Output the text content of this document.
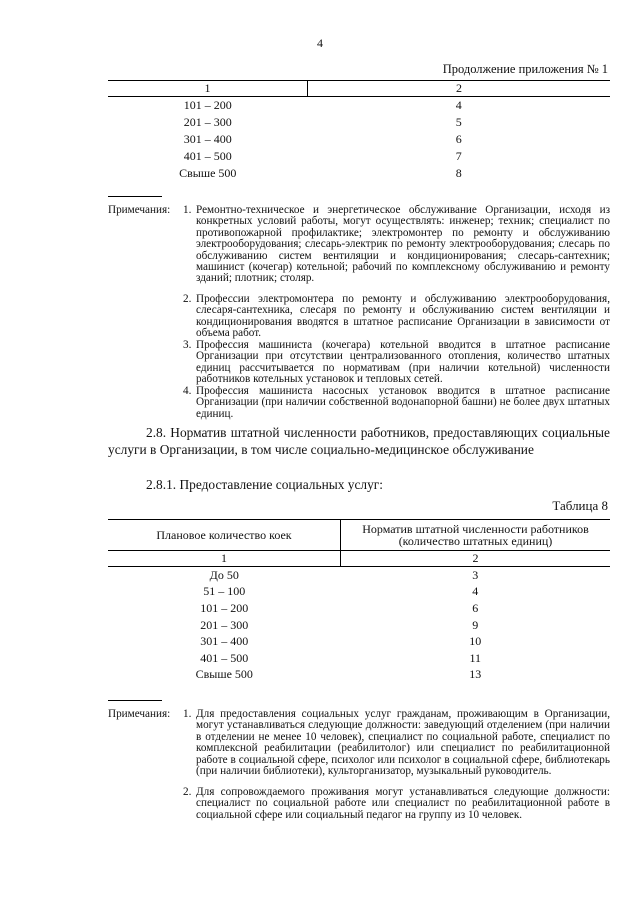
4
Продолжение приложения № 1
1	2
101 – 200	4
201 – 300	5
301 – 400	6
401 – 500	7
Свыше 500	8
Примечания: 1. Ремонтно-техническое и энергетическое обслуживание Организации, исходя из конкретных условий работы, могут осуществлять: инженер; техник; специалист по противопожарной профилактике; электромонтер по ремонту и обслуживанию электрооборудования; слесарь-электрик по ремонту электрооборудования; слесарь по обслуживанию систем вентиляции и кондиционирования; слесарь-сантехник; машинист (кочегар) котельной; рабочий по комплексному обслуживанию и ремонту зданий; плотник; столяр.
2. Профессии электромонтера по ремонту и обслуживанию электрооборудования, слесаря-сантехника, слесаря по ремонту и обслуживанию систем вентиляции и кондиционирования вводятся в штатное расписание Организации в зависимости от объема работ.
3. Профессия машиниста (кочегара) котельной вводится в штатное расписание Организации при отсутствии централизованного отопления, количество штатных единиц рассчитывается по нормативам (при наличии котельной) численности работников котельных установок и тепловых сетей.
4. Профессия машиниста насосных установок вводится в штатное расписание Организации (при наличии собственной водонапорной башни) не более двух штатных единиц.
2.8. Норматив штатной численности работников, предоставляющих социальные услуги в Организации, в том числе социально-медицинское обслуживание
2.8.1. Предоставление социальных услуг:
Таблица 8
Плановое количество коек	Норматив штатной численности работников
(количество штатных единиц)

1	2
До 50	3
51 – 100	4
101 – 200	6
201 – 300	9
301 – 400	10
401 – 500	11
Свыше 500	13
Примечания: 1. Для предоставления социальных услуг гражданам, проживающим в Организации, могут устанавливаться следующие должности: заведующий отделением (при наличии в отделении не менее 10 человек), специалист по социальной работе, специалист по комплексной реабилитации (реабилитолог) или специалист по реабилитационной работе в социальной сфере, психолог или психолог в социальной сфере, библиотекарь (при наличии библиотеки), культорганизатор, музыкальный руководитель.
2. Для сопровождаемого проживания могут устанавливаться следующие должности: специалист по социальной работе или специалист по реабилитационной работе в социальной сфере или социальный педагог на группу из 10 человек.
